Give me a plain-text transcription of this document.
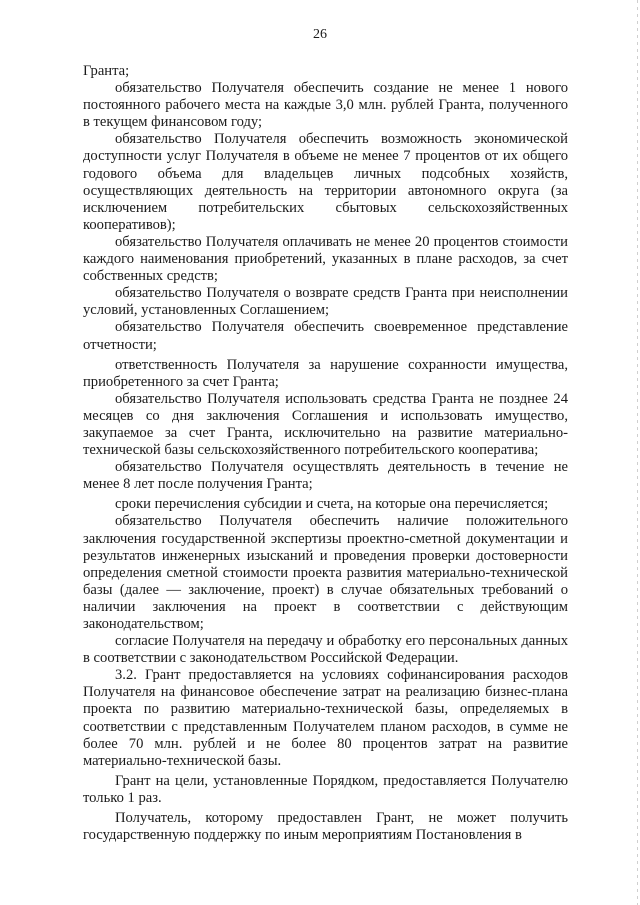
26

Гранта;

обязательство Получателя обеспечить создание не менее 1 нового постоянного рабочего места на каждые 3,0 млн. рублей Гранта, полученного в текущем финансовом году;

обязательство Получателя обеспечить возможность экономической доступности услуг Получателя в объеме не менее 7 процентов от их общего годового объема для владельцев личных подсобных хозяйств, осуществляющих деятельность на территории автономного округа (за исключением потребительских сбытовых сельскохозяйственных кооперативов);

обязательство Получателя оплачивать не менее 20 процентов стоимости каждого наименования приобретений, указанных в плане расходов, за счет собственных средств;

обязательство Получателя о возврате средств Гранта при неисполнении условий, установленных Соглашением;

обязательство Получателя обеспечить своевременное представление отчетности;

ответственность Получателя за нарушение сохранности имущества, приобретенного за счет Гранта;

обязательство Получателя использовать средства Гранта не позднее 24 месяцев со дня заключения Соглашения и использовать имущество, закупаемое за счет Гранта, исключительно на развитие материально-технической базы сельскохозяйственного потребительского кооператива;

обязательство Получателя осуществлять деятельность в течение не менее 8 лет после получения Гранта;

сроки перечисления субсидии и счета, на которые она перечисляется;

обязательство Получателя обеспечить наличие положительного заключения государственной экспертизы проектно-сметной документации и результатов инженерных изысканий и проведения проверки достоверности определения сметной стоимости проекта развития материально-технической базы (далее — заключение, проект) в случае обязательных требований о наличии заключения на проект в соответствии с действующим законодательством;

согласие Получателя на передачу и обработку его персональных данных в соответствии с законодательством Российской Федерации.

3.2. Грант предоставляется на условиях софинансирования расходов Получателя на финансовое обеспечение затрат на реализацию бизнес-плана проекта по развитию материально-технической базы, определяемых в соответствии с представленным Получателем планом расходов, в сумме не более 70 млн. рублей и не более 80 процентов затрат на развитие материально-технической базы.

Грант на цели, установленные Порядком, предоставляется Получателю только 1 раз.

Получатель, которому предоставлен Грант, не может получить государственную поддержку по иным мероприятиям Постановления в
